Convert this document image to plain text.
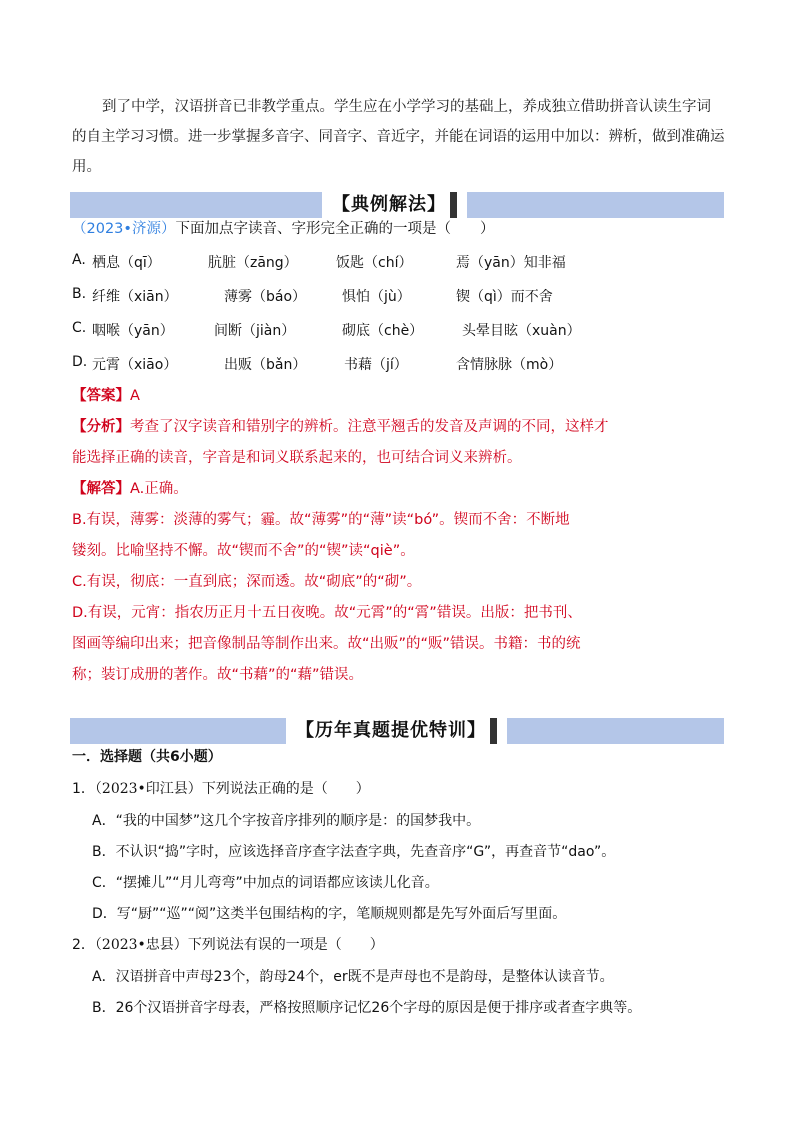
到了中学，汉语拼音已非教学重点。学生应在小学学习的基础上，养成独立借助拼音认读生字词

的自主学习习惯。进一步掌握多音字、同音字、音近字，并能在词语的运用中加以：辨析，做到准确运

用。

【典例解法】
（2023•济源）下面加点字读音、字形完全正确的一项是（　　）
A. 栖息（qī）	肮脏（zāng）	饭匙（chí）	焉（yān）知非福
B. 纤维（xiān）	薄雾（báo）	惧怕（jù）	锲（qì）而不舍
C. 咽喉（yān）	间断（jiàn）	砌底（chè）	头晕目眩（xuàn）
D. 元霄（xiāo）	出贩（bǎn）	书藉（jí）	含情脉脉（mò）
【答案】A

【分析】考查了汉字读音和错别字的辨析。注意平翘舌的发音及声调的不同，这样才

能选择正确的读音，字音是和词义联系起来的，也可结合词义来辨析。

【解答】A.正确。

B.有误，薄雾：淡薄的雾气；霾。故“薄雾”的“薄”读“bó”。锲而不舍：不断地

镂刻。比喻坚持不懈。故“锲而不舍”的“锲”读“qiè”。

C.有误，彻底：一直到底；深而透。故“砌底”的“砌”。

D.有误，元宵：指农历正月十五日夜晚。故“元霄”的“霄”错误。出版：把书刊、

图画等编印出来；把音像制品等制作出来。故“出贩”的“贩”错误。书籍：书的统

称；装订成册的著作。故“书藉”的“藉”错误。

【历年真题提优特训】
一．选择题（共6小题）
1．（2023•印江县）下列说法正确的是（　　）
A．“我的中国梦”这几个字按音序排列的顺序是：的国梦我中。
B．不认识“捣”字时，应该选择音序查字法查字典，先查音序“G”，再查音节“dao”。
C．“摆摊儿”“月儿弯弯”中加点的词语都应该读儿化音。
D．写“厨”“巡”“阅”这类半包围结构的字，笔顺规则都是先写外面后写里面。
2．（2023•忠县）下列说法有误的一项是（　　）
A．汉语拼音中声母23个，韵母24个，er既不是声母也不是韵母，是整体认读音节。
B．26个汉语拼音字母表，严格按照顺序记忆26个字母的原因是便于排序或者查字典等。
